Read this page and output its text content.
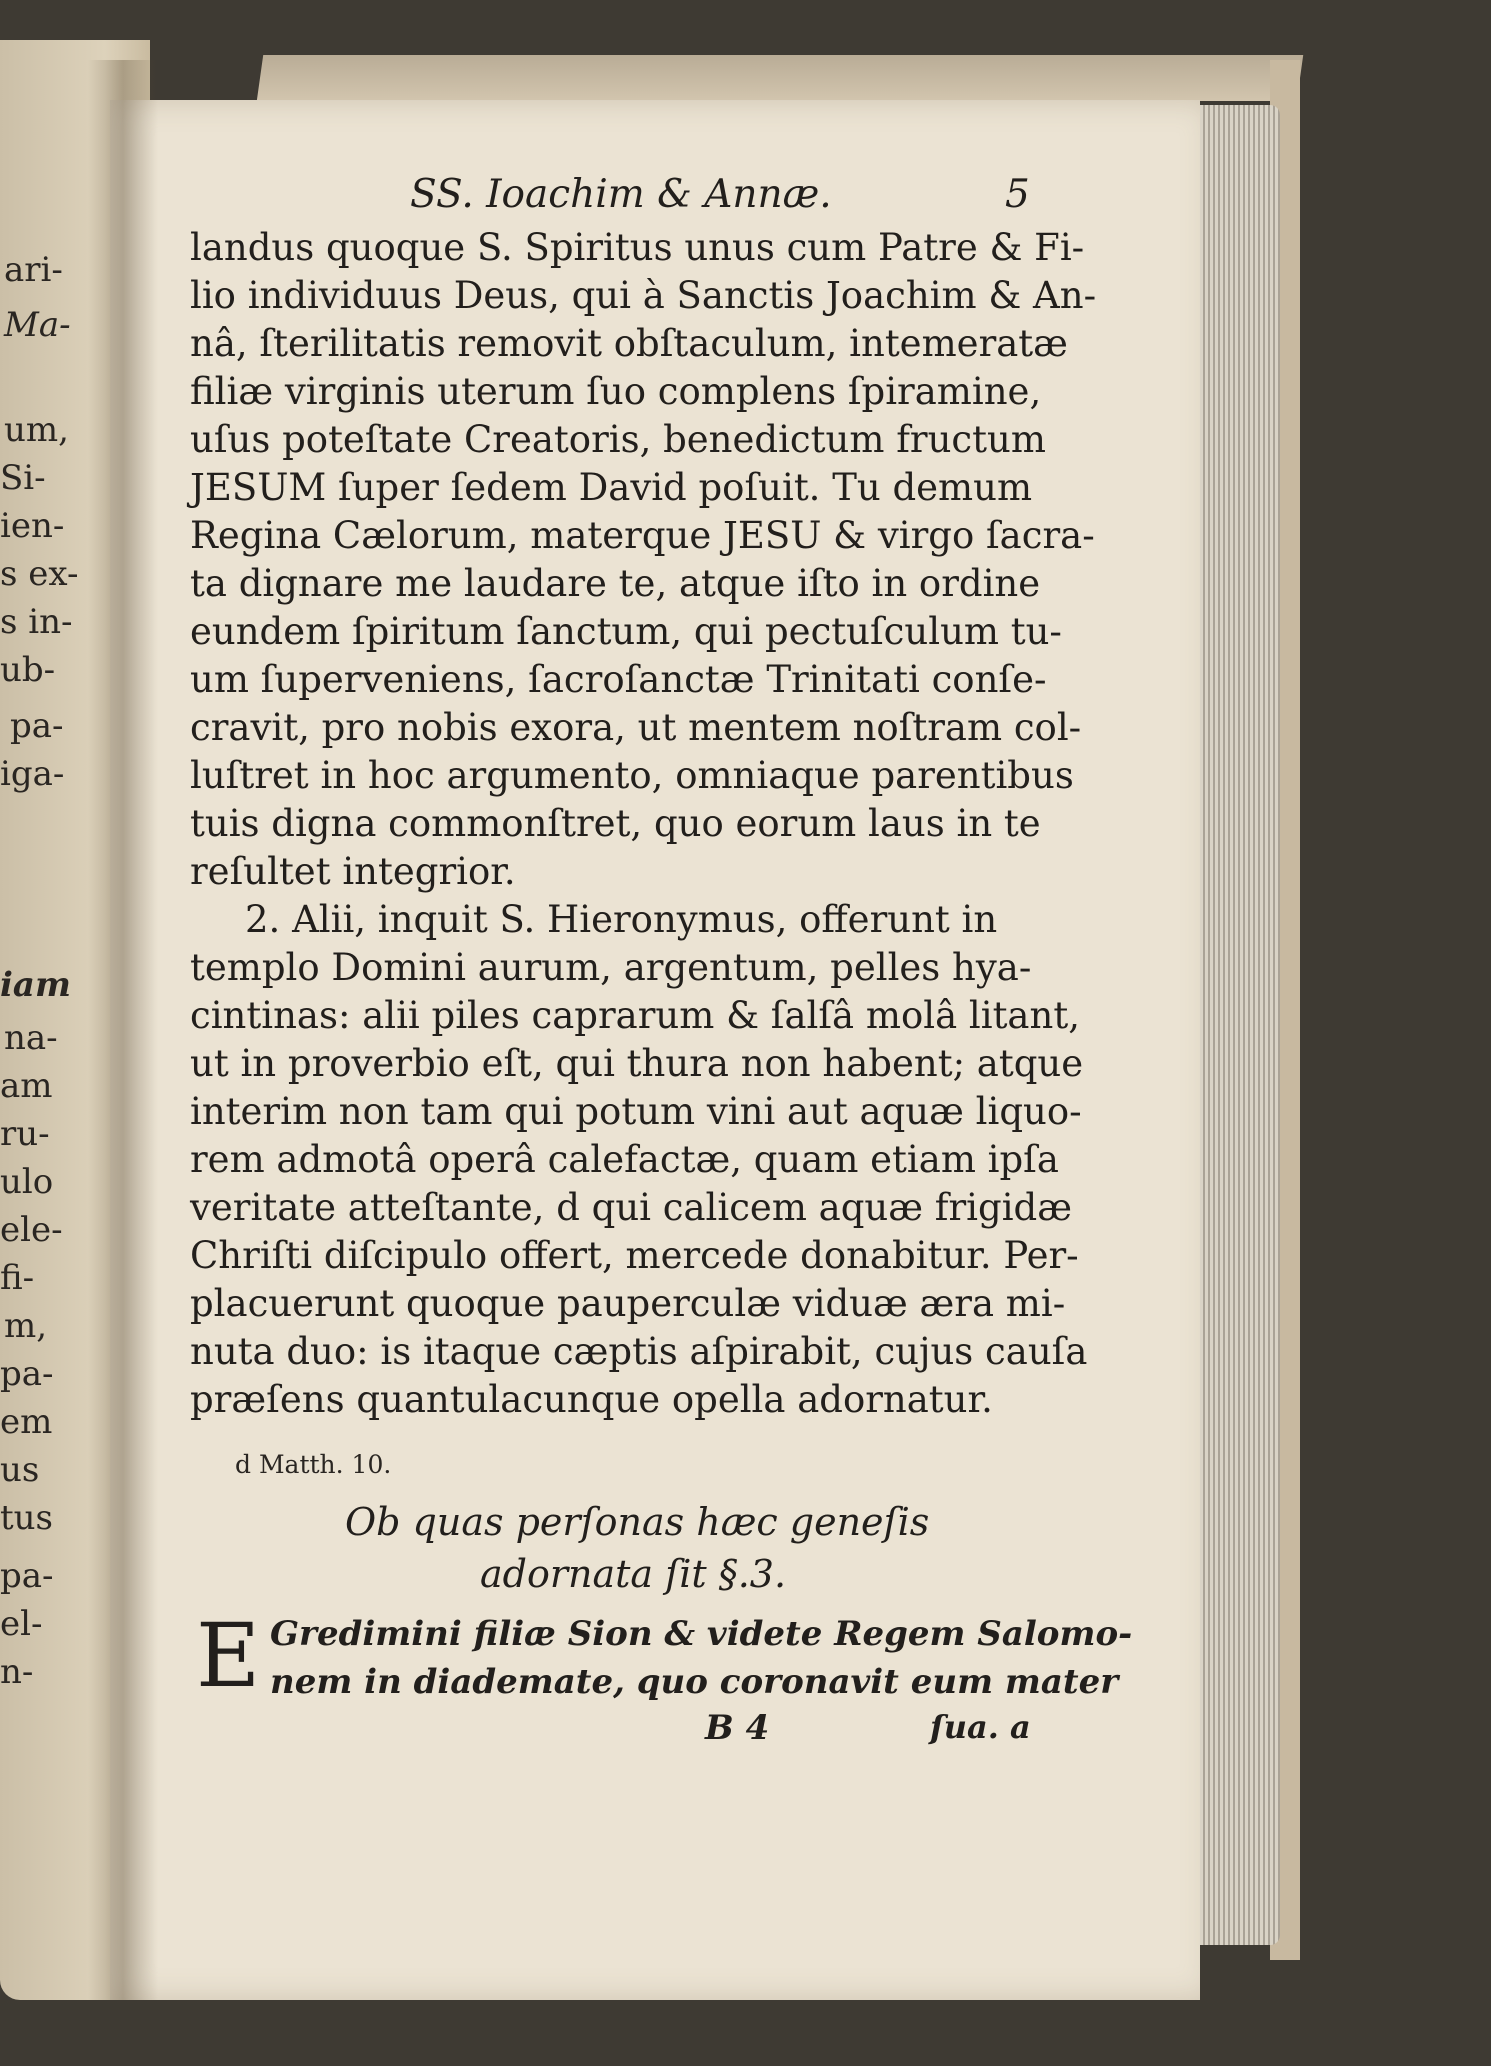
ari-
Ma-
um,
Si-
ien-
s ex-
s in-
ub-
pa-
iga-
iam
na-
am
ru-
ulo
ele-
fi-
m,
pa-
em
us
tus
pa-
el-
n-
SS. Ioachim & Annæ.	5
landus quoque S. Spiritus unus cum Patre & Fi-
lio individuus Deus, qui à Sanctis Joachim & An-
nâ, ſterilitatis removit obſtaculum, intemeratæ
filiæ virginis uterum ſuo complens ſpiramine,
uſus poteſtate Creatoris, benedictum fructum
JESUM ſuper ſedem David poſuit. Tu demum
Regina Cælorum, materque JESU & virgo ſacra-
ta dignare me laudare te, atque iſto in ordine
eundem ſpiritum ſanctum, qui pectuſculum tu-
um ſuperveniens, ſacroſanctæ Trinitati conſe-
cravit, pro nobis exora, ut mentem noſtram col-
luſtret in hoc argumento, omniaque parentibus
tuis digna commonſtret, quo eorum laus in te
reſultet integrior.
2. Alii, inquit S. Hieronymus, offerunt in
templo Domini aurum, argentum, pelles hya-
cintinas: alii piles caprarum & ſalſâ molâ litant,
ut in proverbio eſt, qui thura non habent; atque
interim non tam qui potum vini aut aquæ liquo-
rem admotâ operâ calefactæ, quam etiam ipſa
veritate atteſtante, d qui calicem aquæ frigidæ
Chriſti diſcipulo offert, mercede donabitur. Per-
placuerunt quoque pauperculæ viduæ æra mi-
nuta duo: is itaque cæptis aſpirabit, cujus cauſa
præſens quantulacunque opella adornatur.
d Matth. 10.
Ob quas perſonas hæc geneſis
adornata ſit §.3.
E Gredimini filiæ Sion & videte Regem Salomo-
nem in diademate, quo coronavit eum mater
B 4	ſua. a
